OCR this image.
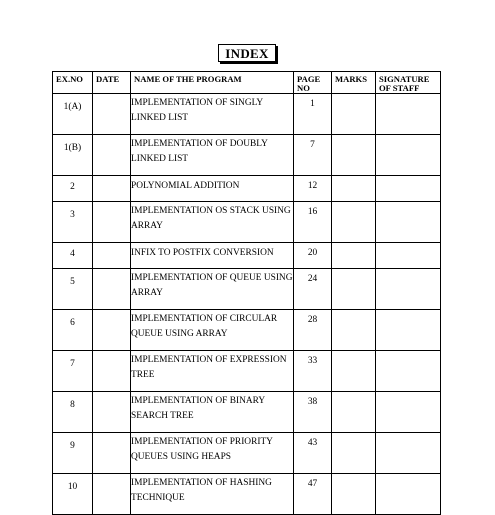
INDEX
EX.NO	DATE	NAME OF THE PROGRAM	PAGE NO	MARKS	SIGNATURE OF STAFF
1(A)		IMPLEMENTATION OF SINGLY LINKED LIST	1		
1(B)		IMPLEMENTATION OF DOUBLY LINKED LIST	7		
2		POLYNOMIAL ADDITION	12		
3		IMPLEMENTATION OS STACK USING ARRAY	16		
4		INFIX TO POSTFIX CONVERSION	20		
5		IMPLEMENTATION OF QUEUE USING ARRAY	24		
6		IMPLEMENTATION OF CIRCULAR QUEUE USING ARRAY	28		
7		IMPLEMENTATION OF EXPRESSION TREE	33		
8		IMPLEMENTATION OF BINARY SEARCH TREE	38		
9		IMPLEMENTATION OF PRIORITY QUEUES USING HEAPS	43		
10		IMPLEMENTATION OF HASHING TECHNIQUE	47		
